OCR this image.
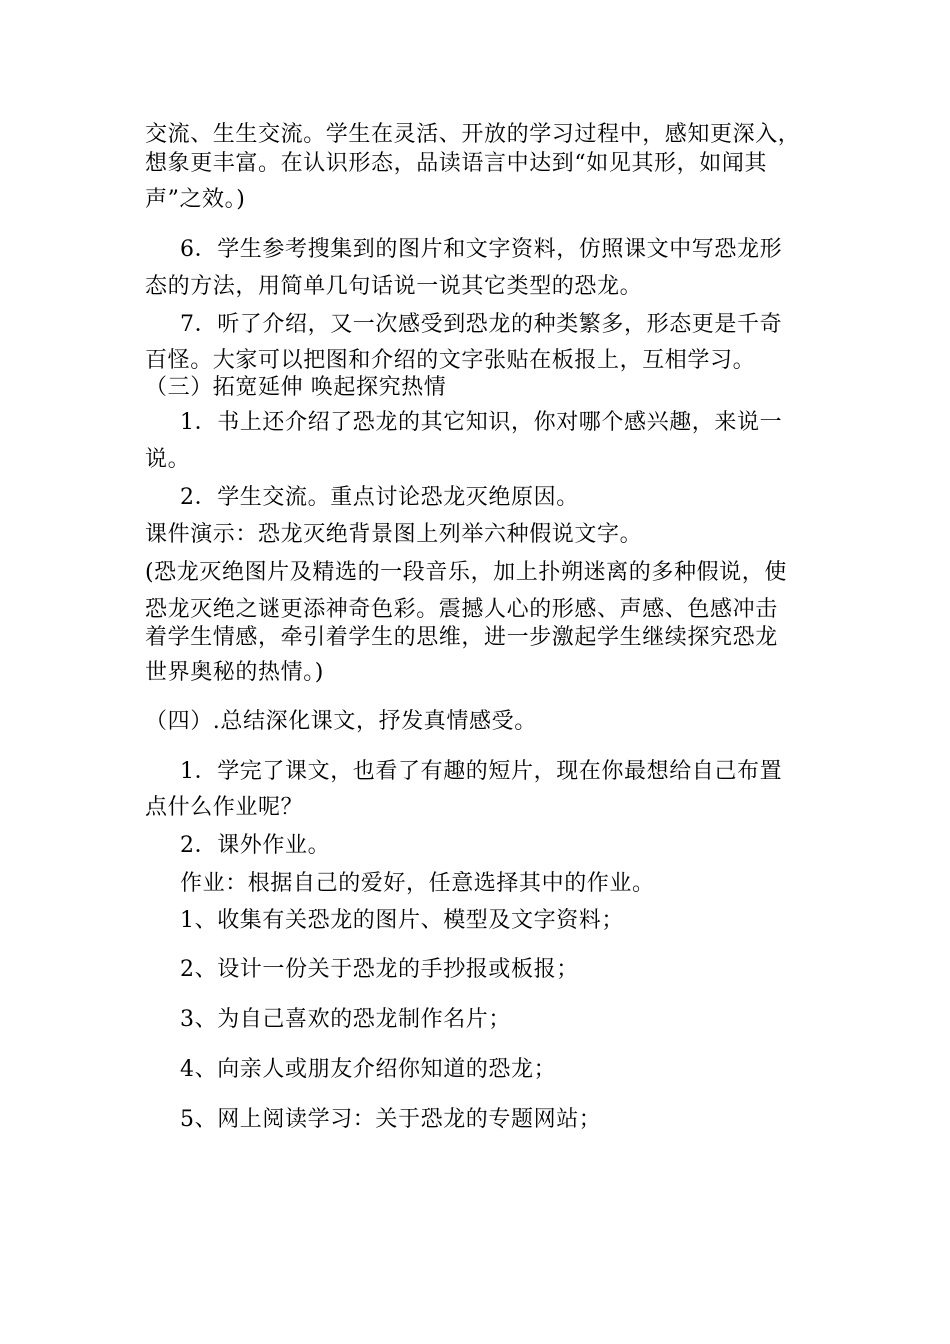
交流、生生交流。学生在灵活、开放的学习过程中，感知更深入，
想象更丰富。在认识形态，品读语言中达到“如见其形，如闻其
声”之效。)
6．学生参考搜集到的图片和文字资料，仿照课文中写恐龙形
态的方法，用简单几句话说一说其它类型的恐龙。
7．听了介绍，又一次感受到恐龙的种类繁多，形态更是千奇
百怪。大家可以把图和介绍的文字张贴在板报上，互相学习。
（三）拓宽延伸 唤起探究热情
1．书上还介绍了恐龙的其它知识，你对哪个感兴趣，来说一
说。
2．学生交流。重点讨论恐龙灭绝原因。
课件演示：恐龙灭绝背景图上列举六种假说文字。
(恐龙灭绝图片及精选的一段音乐，加上扑朔迷离的多种假说，使
恐龙灭绝之谜更添神奇色彩。震撼人心的形感、声感、色感冲击
着学生情感，牵引着学生的思维，进一步激起学生继续探究恐龙
世界奥秘的热情。)
（四）.总结深化课文，抒发真情感受。
1．学完了课文，也看了有趣的短片，现在你最想给自己布置
点什么作业呢？
2．课外作业。
作业：根据自己的爱好，任意选择其中的作业。
1、收集有关恐龙的图片、模型及文字资料；
2、设计一份关于恐龙的手抄报或板报；
3、为自己喜欢的恐龙制作名片；
4、向亲人或朋友介绍你知道的恐龙；
5、网上阅读学习：关于恐龙的专题网站；
